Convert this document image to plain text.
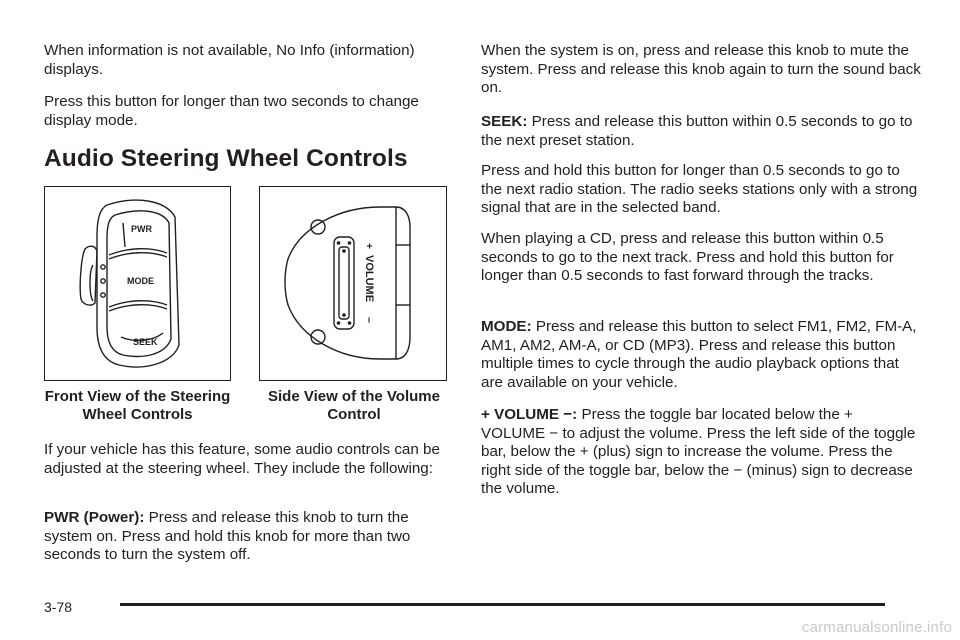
When information is not available, No Info (information) displays.

Press this button for longer than two seconds to change display mode.

Audio Steering Wheel Controls
PWR
MODE
SEEK
+
VOLUME
–
Front View of the Steering Wheel Controls
Side View of the Volume Control

If your vehicle has this feature, some audio controls can be adjusted at the steering wheel. They include the following:

PWR (Power): Press and release this knob to turn the system on. Press and hold this knob for more than two seconds to turn the system off.

When the system is on, press and release this knob to mute the system. Press and release this knob again to turn the sound back on.

SEEK: Press and release this button within 0.5 seconds to go to the next preset station.

Press and hold this button for longer than 0.5 seconds to go to the next radio station. The radio seeks stations only with a strong signal that are in the selected band.

When playing a CD, press and release this button within 0.5 seconds to go to the next track. Press and hold this button for longer than 0.5 seconds to fast forward through the tracks.

MODE: Press and release this button to select FM1, FM2, FM-A, AM1, AM2, AM-A, or CD (MP3). Press and release this button multiple times to cycle through the audio playback options that are available on your vehicle.

+ VOLUME −: Press the toggle bar located below the + VOLUME − to adjust the volume. Press the left side of the toggle bar, below the + (plus) sign to increase the volume. Press the right side of the toggle bar, below the − (minus) sign to decrease the volume.

3-78
carmanualsonline.info
